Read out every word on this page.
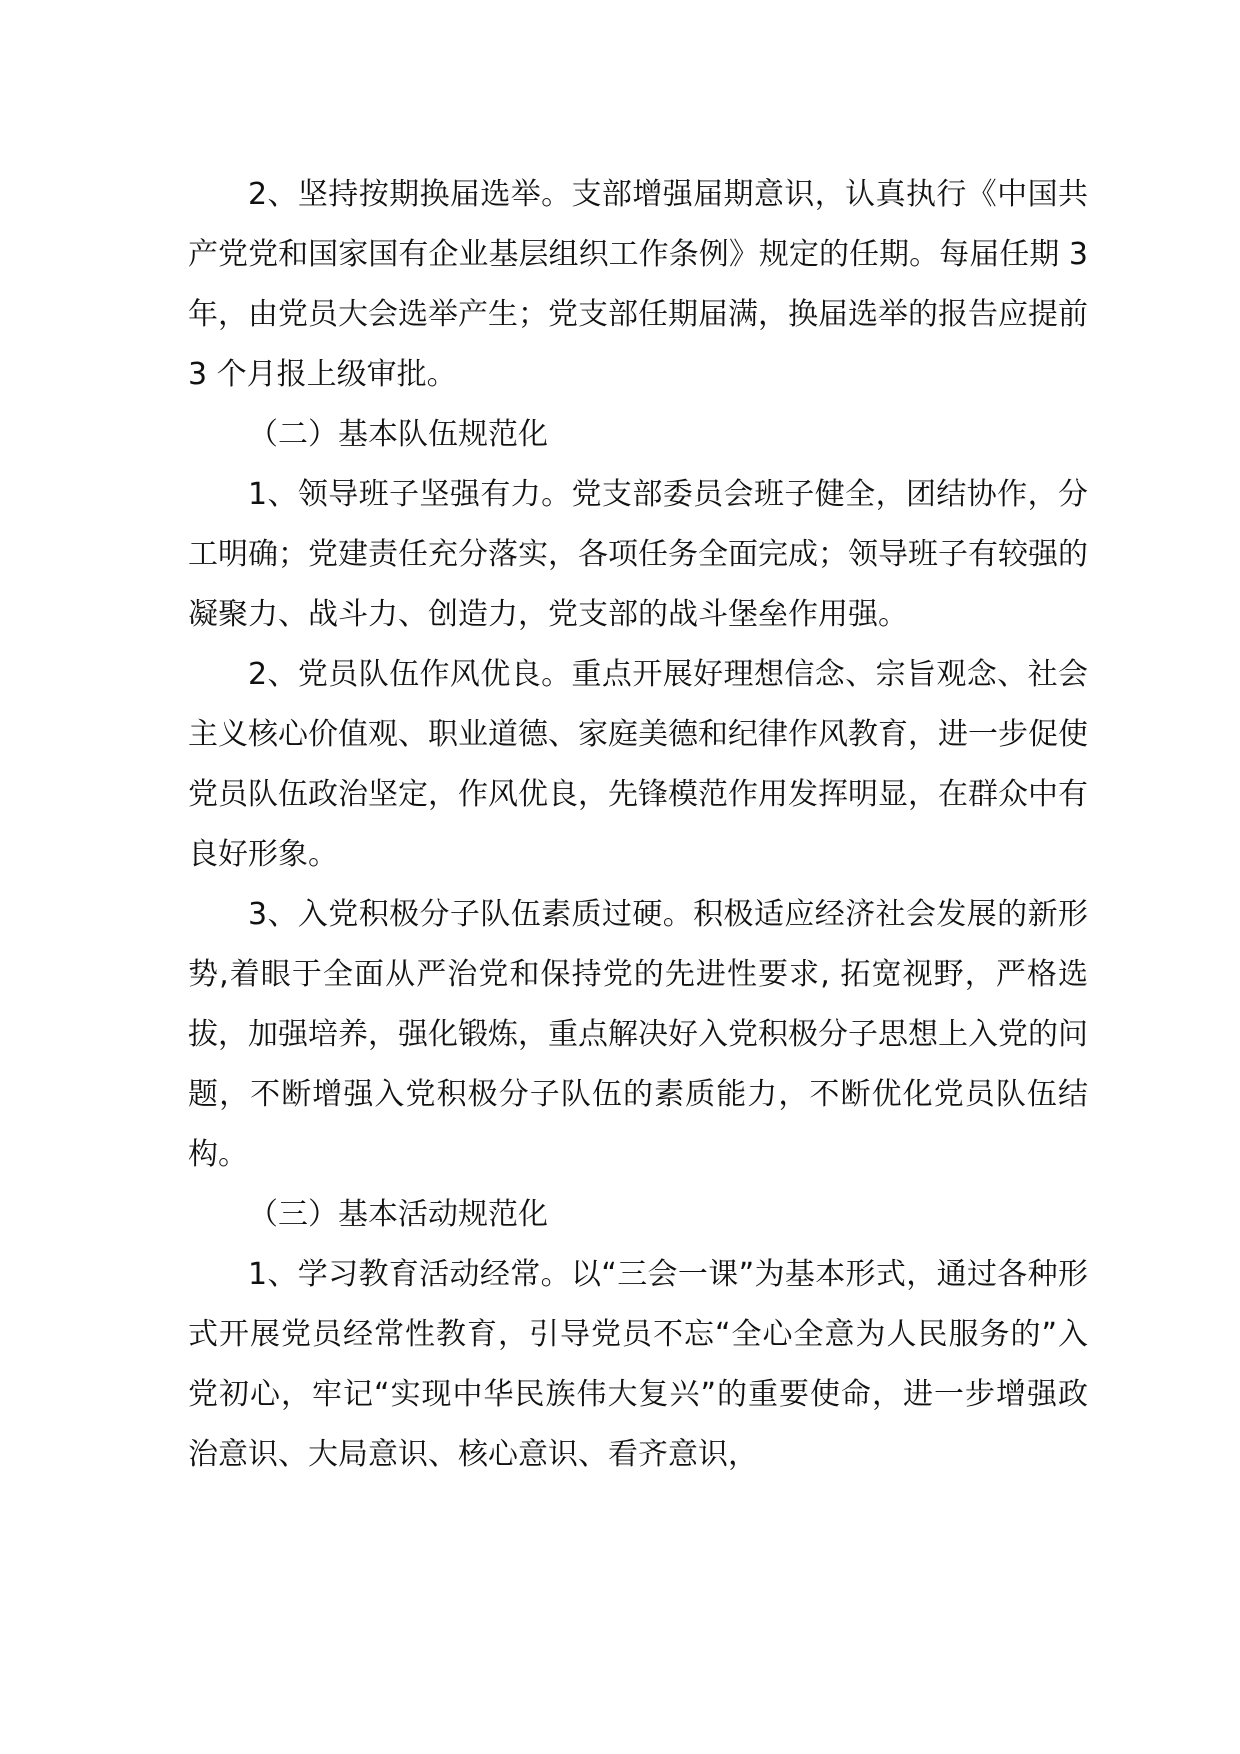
2、坚持按期换届选举。支部增强届期意识，认真执行《中国共产党党和国家国有企业基层组织工作条例》规定的任期。每届任期 3 年，由党员大会选举产生；党支部任期届满，换届选举的报告应提前 3 个月报上级审批。

（二）基本队伍规范化

1、领导班子坚强有力。党支部委员会班子健全，团结协作，分工明确；党建责任充分落实，各项任务全面完成；领导班子有较强的凝聚力、战斗力、创造力，党支部的战斗堡垒作用强。

2、党员队伍作风优良。重点开展好理想信念、宗旨观念、社会主义核心价值观、职业道德、家庭美德和纪律作风教育，进一步促使党员队伍政治坚定，作风优良，先锋模范作用发挥明显，在群众中有良好形象。

3、入党积极分子队伍素质过硬。积极适应经济社会发展的新形势,着眼于全面从严治党和保持党的先进性要求, 拓宽视野，严格选拔，加强培养，强化锻炼，重点解决好入党积极分子思想上入党的问题，不断增强入党积极分子队伍的素质能力，不断优化党员队伍结构。

（三）基本活动规范化

1、学习教育活动经常。以“三会一课”为基本形式，通过各种形式开展党员经常性教育，引导党员不忘“全心全意为人民服务的”入党初心，牢记“实现中华民族伟大复兴”的重要使命，进一步增强政治意识、大局意识、核心意识、看齐意识，
